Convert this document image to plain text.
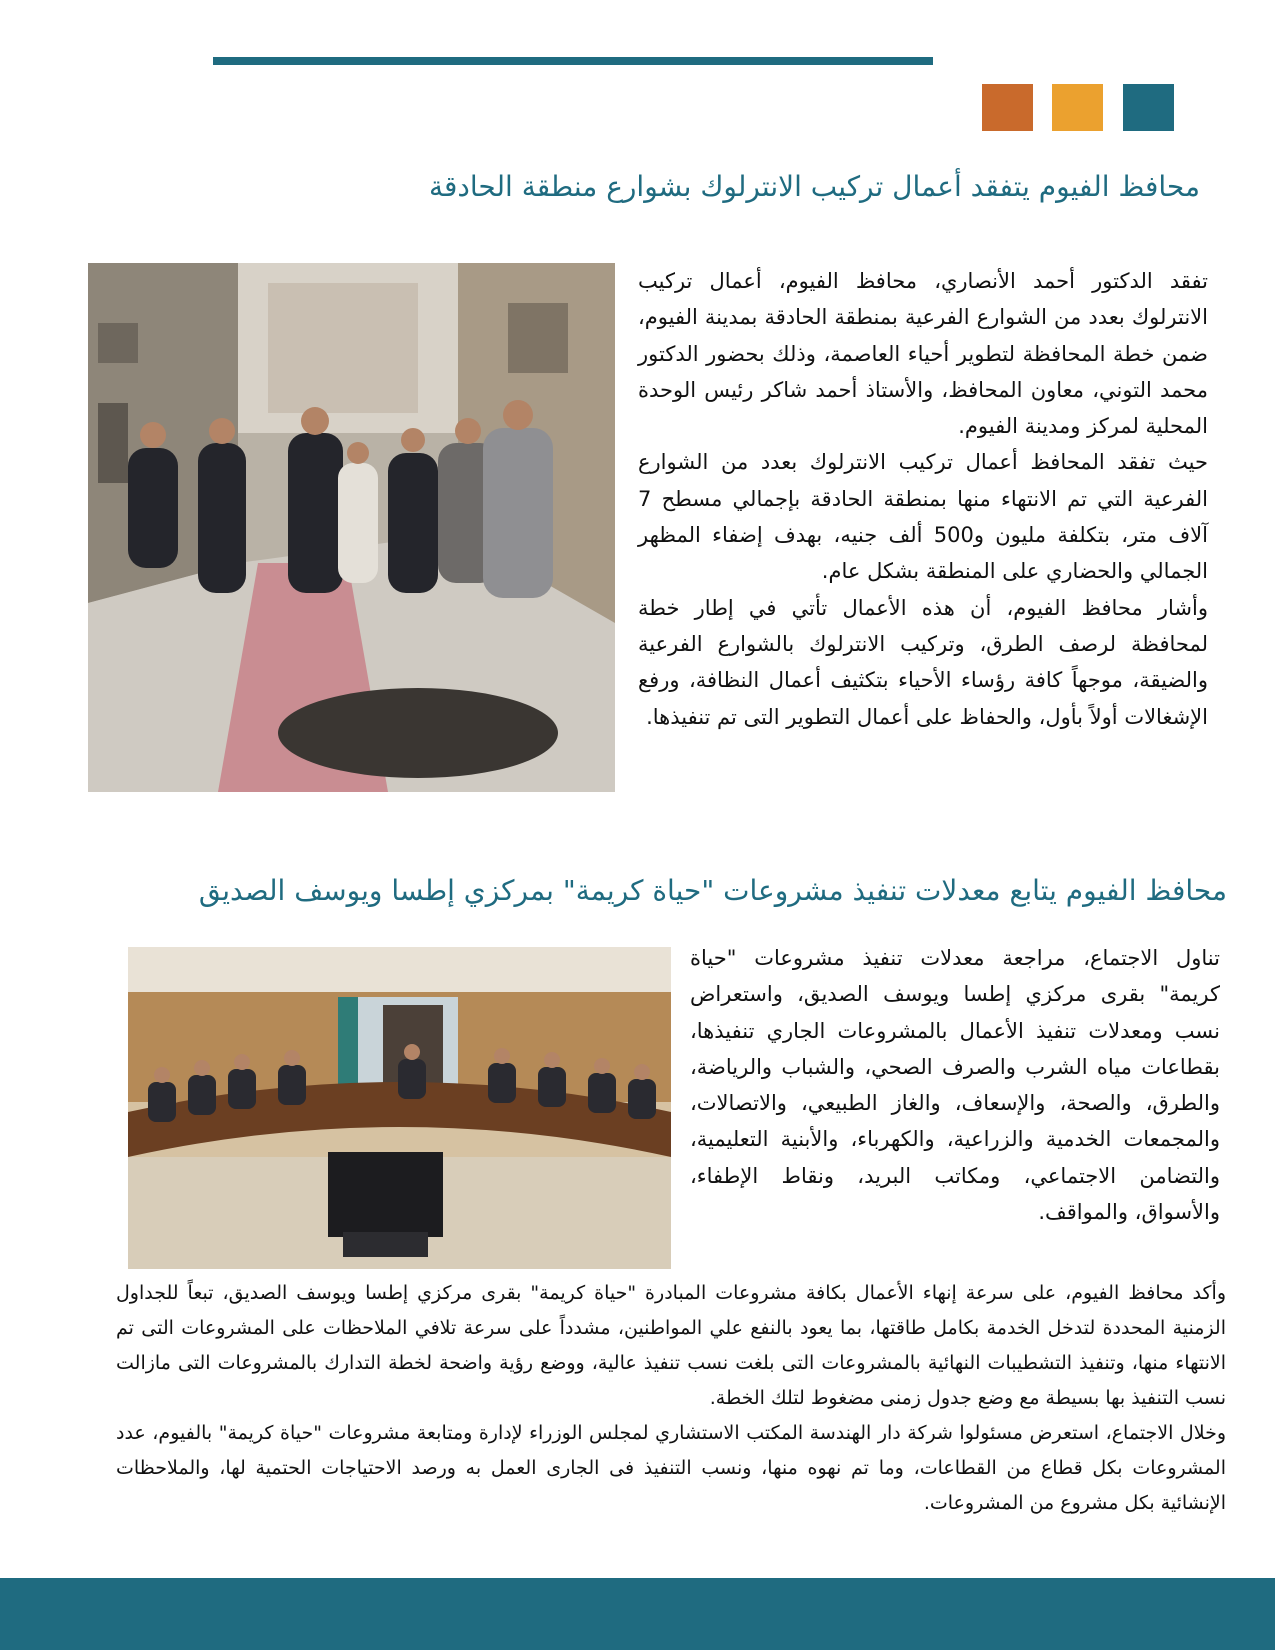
محافظ الفيوم يتفقد أعمال تركيب الانترلوك بشوارع منطقة الحادقة

تفقد الدكتور أحمد الأنصاري، محافظ الفيوم، أعمال تركيب الانترلوك بعدد من الشوارع الفرعية بمنطقة الحادقة بمدينة الفيوم، ضمن خطة المحافظة لتطوير أحياء العاصمة، وذلك بحضور الدكتور محمد التوني، معاون المحافظ، والأستاذ أحمد شاكر رئيس الوحدة المحلية لمركز ومدينة الفيوم.

حيث تفقد المحافظ أعمال تركيب الانترلوك بعدد من الشوارع الفرعية التي تم الانتهاء منها بمنطقة الحادقة بإجمالي مسطح 7 آلاف متر، بتكلفة مليون و500 ألف جنيه، بهدف إضفاء المظهر الجمالي والحضاري على المنطقة بشكل عام.

وأشار محافظ الفيوم، أن هذه الأعمال تأتي في إطار خطة لمحافظة لرصف الطرق، وتركيب الانترلوك بالشوارع الفرعية والضيقة، موجهاً كافة رؤساء الأحياء بتكثيف أعمال النظافة، ورفع الإشغالات أولاً بأول، والحفاظ على أعمال التطوير التى تم تنفيذها.

محافظ الفيوم يتابع معدلات تنفيذ مشروعات "حياة كريمة" بمركزي إطسا ويوسف الصديق

تناول الاجتماع، مراجعة معدلات تنفيذ مشروعات "حياة كريمة" بقرى مركزي إطسا ويوسف الصديق، واستعراض نسب ومعدلات تنفيذ الأعمال بالمشروعات الجاري تنفيذها، بقطاعات مياه الشرب والصرف الصحي، والشباب والرياضة، والطرق، والصحة، والإسعاف، والغاز الطبيعي، والاتصالات، والمجمعات الخدمية والزراعية، والكهرباء، والأبنية التعليمية، والتضامن الاجتماعي، ومكاتب البريد، ونقاط الإطفاء، والأسواق، والمواقف.

وأكد محافظ الفيوم، على سرعة إنهاء الأعمال بكافة مشروعات المبادرة "حياة كريمة" بقرى مركزي إطسا ويوسف الصديق، تبعاً للجداول الزمنية المحددة لتدخل الخدمة بكامل طاقتها، بما يعود بالنفع علي المواطنين، مشدداً على سرعة تلافي الملاحظات على المشروعات التى تم الانتهاء منها، وتنفيذ التشطيبات النهائية بالمشروعات التى بلغت نسب تنفيذ عالية، ووضع رؤية واضحة لخطة التدارك بالمشروعات التى مازالت نسب التنفيذ بها بسيطة مع وضع جدول زمنى مضغوط لتلك الخطة.

وخلال الاجتماع، استعرض مسئولوا شركة دار الهندسة المكتب الاستشاري لمجلس الوزراء لإدارة ومتابعة مشروعات "حياة كريمة" بالفيوم، عدد المشروعات بكل قطاع من القطاعات، وما تم نهوه منها، ونسب التنفيذ فى الجارى العمل به ورصد الاحتياجات الحتمية لها، والملاحظات الإنشائية بكل مشروع من المشروعات.
